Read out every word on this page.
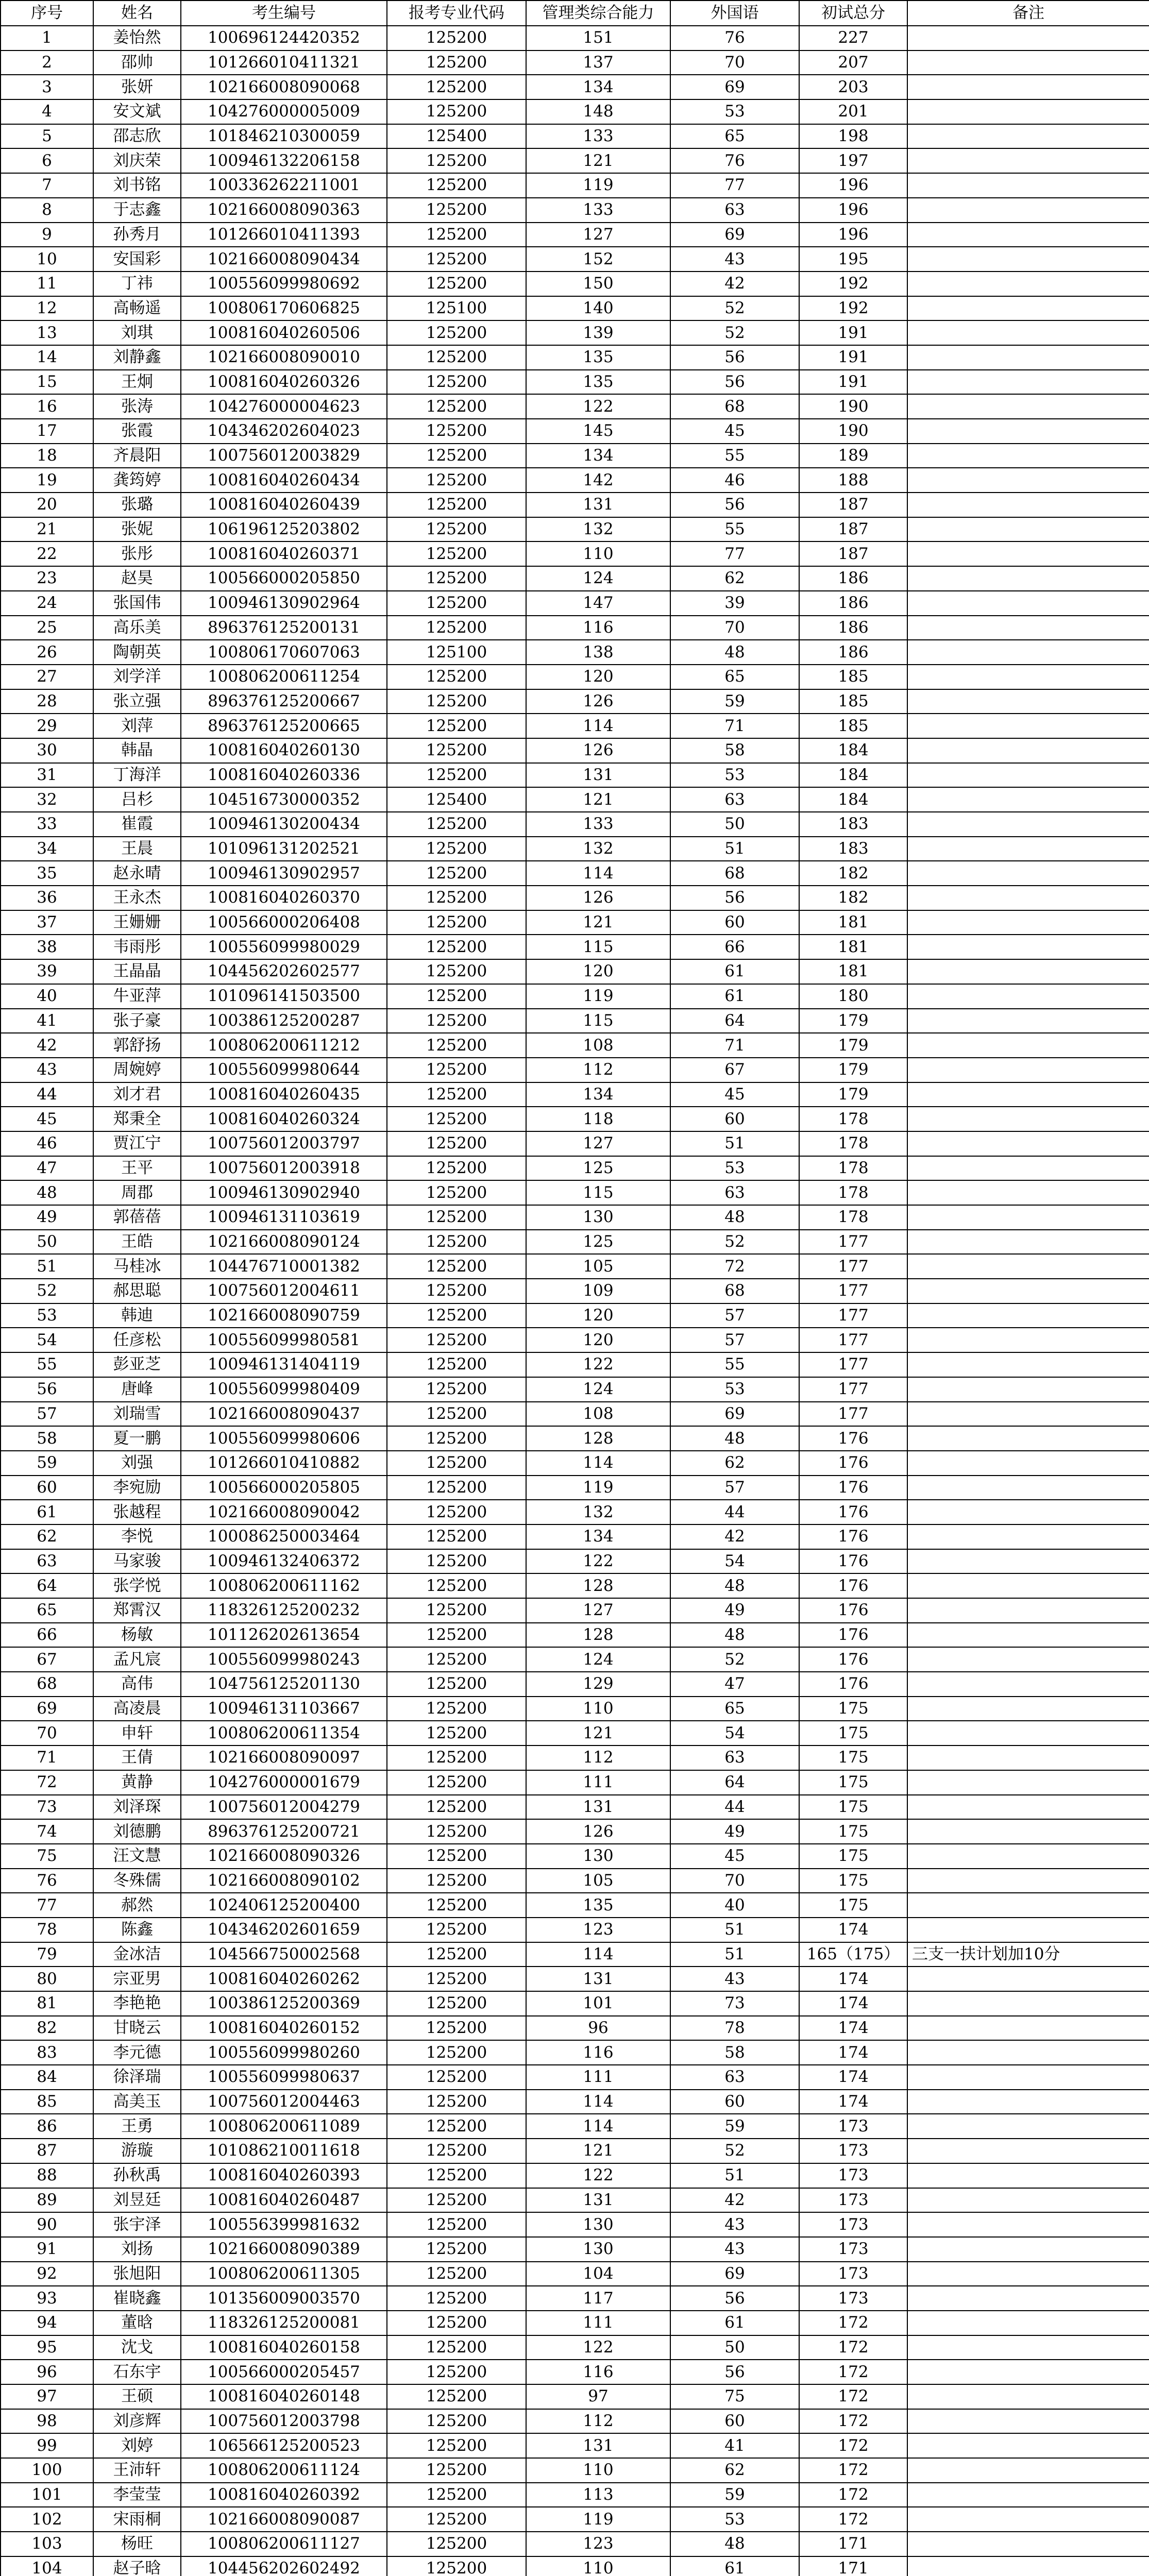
序号	姓名	考生编号	报考专业代码	管理类综合能力	外国语	初试总分	备注
1	姜怡然	100696124420352	125200	151	76	227	
2	邵帅	101266010411321	125200	137	70	207	
3	张妍	102166008090068	125200	134	69	203	
4	安文斌	104276000005009	125200	148	53	201	
5	邵志欣	101846210300059	125400	133	65	198	
6	刘庆荣	100946132206158	125200	121	76	197	
7	刘书铭	100336262211001	125200	119	77	196	
8	于志鑫	102166008090363	125200	133	63	196	
9	孙秀月	101266010411393	125200	127	69	196	
10	安国彩	102166008090434	125200	152	43	195	
11	丁祎	100556099980692	125200	150	42	192	
12	高畅遥	100806170606825	125100	140	52	192	
13	刘琪	100816040260506	125200	139	52	191	
14	刘静鑫	102166008090010	125200	135	56	191	
15	王炯	100816040260326	125200	135	56	191	
16	张涛	104276000004623	125200	122	68	190	
17	张霞	104346202604023	125200	145	45	190	
18	齐晨阳	100756012003829	125200	134	55	189	
19	龚筠婷	100816040260434	125200	142	46	188	
20	张璐	100816040260439	125200	131	56	187	
21	张妮	106196125203802	125200	132	55	187	
22	张彤	100816040260371	125200	110	77	187	
23	赵昊	100566000205850	125200	124	62	186	
24	张国伟	100946130902964	125200	147	39	186	
25	高乐美	896376125200131	125200	116	70	186	
26	陶朝英	100806170607063	125100	138	48	186	
27	刘学洋	100806200611254	125200	120	65	185	
28	张立强	896376125200667	125200	126	59	185	
29	刘萍	896376125200665	125200	114	71	185	
30	韩晶	100816040260130	125200	126	58	184	
31	丁海洋	100816040260336	125200	131	53	184	
32	吕杉	104516730000352	125400	121	63	184	
33	崔霞	100946130200434	125200	133	50	183	
34	王晨	101096131202521	125200	132	51	183	
35	赵永晴	100946130902957	125200	114	68	182	
36	王永杰	100816040260370	125200	126	56	182	
37	王姗姗	100566000206408	125200	121	60	181	
38	韦雨彤	100556099980029	125200	115	66	181	
39	王晶晶	104456202602577	125200	120	61	181	
40	牛亚萍	101096141503500	125200	119	61	180	
41	张子豪	100386125200287	125200	115	64	179	
42	郭舒扬	100806200611212	125200	108	71	179	
43	周婉婷	100556099980644	125200	112	67	179	
44	刘才君	100816040260435	125200	134	45	179	
45	郑秉全	100816040260324	125200	118	60	178	
46	贾江宁	100756012003797	125200	127	51	178	
47	王平	100756012003918	125200	125	53	178	
48	周郡	100946130902940	125200	115	63	178	
49	郭蓓蓓	100946131103619	125200	130	48	178	
50	王皓	102166008090124	125200	125	52	177	
51	马桂冰	104476710001382	125200	105	72	177	
52	郝思聪	100756012004611	125200	109	68	177	
53	韩迪	102166008090759	125200	120	57	177	
54	任彦松	100556099980581	125200	120	57	177	
55	彭亚芝	100946131404119	125200	122	55	177	
56	唐峰	100556099980409	125200	124	53	177	
57	刘瑞雪	102166008090437	125200	108	69	177	
58	夏一鹏	100556099980606	125200	128	48	176	
59	刘强	101266010410882	125200	114	62	176	
60	李宛励	100566000205805	125200	119	57	176	
61	张越程	102166008090042	125200	132	44	176	
62	李悦	100086250003464	125200	134	42	176	
63	马家骏	100946132406372	125200	122	54	176	
64	张学悦	100806200611162	125200	128	48	176	
65	郑霄汉	118326125200232	125200	127	49	176	
66	杨敏	101126202613654	125200	128	48	176	
67	孟凡宸	100556099980243	125200	124	52	176	
68	高伟	104756125201130	125200	129	47	176	
69	高凌晨	100946131103667	125200	110	65	175	
70	申轩	100806200611354	125200	121	54	175	
71	王倩	102166008090097	125200	112	63	175	
72	黄静	104276000001679	125200	111	64	175	
73	刘泽琛	100756012004279	125200	131	44	175	
74	刘德鹏	896376125200721	125200	126	49	175	
75	汪文慧	102166008090326	125200	130	45	175	
76	冬殊儒	102166008090102	125200	105	70	175	
77	郝然	102406125200400	125200	135	40	175	
78	陈鑫	104346202601659	125200	123	51	174	
79	金冰洁	104566750002568	125200	114	51	165（175）	三支一扶计划加10分
80	宗亚男	100816040260262	125200	131	43	174	
81	李艳艳	100386125200369	125200	101	73	174	
82	甘晓云	100816040260152	125200	96	78	174	
83	李元德	100556099980260	125200	116	58	174	
84	徐泽瑞	100556099980637	125200	111	63	174	
85	高美玉	100756012004463	125200	114	60	174	
86	王勇	100806200611089	125200	114	59	173	
87	游璇	101086210011618	125200	121	52	173	
88	孙秋禹	100816040260393	125200	122	51	173	
89	刘昱廷	100816040260487	125200	131	42	173	
90	张宇泽	100556399981632	125200	130	43	173	
91	刘扬	102166008090389	125200	130	43	173	
92	张旭阳	100806200611305	125200	104	69	173	
93	崔晓鑫	101356009003570	125200	117	56	173	
94	董晗	118326125200081	125200	111	61	172	
95	沈戈	100816040260158	125200	122	50	172	
96	石东宇	100566000205457	125200	116	56	172	
97	王硕	100816040260148	125200	97	75	172	
98	刘彦辉	100756012003798	125200	112	60	172	
99	刘婷	106566125200523	125200	131	41	172	
100	王沛轩	100806200611124	125200	110	62	172	
101	李莹莹	100816040260392	125200	113	59	172	
102	宋雨桐	102166008090087	125200	119	53	172	
103	杨旺	100806200611127	125200	123	48	171	
104	赵子晗	104456202602492	125200	110	61	171	
